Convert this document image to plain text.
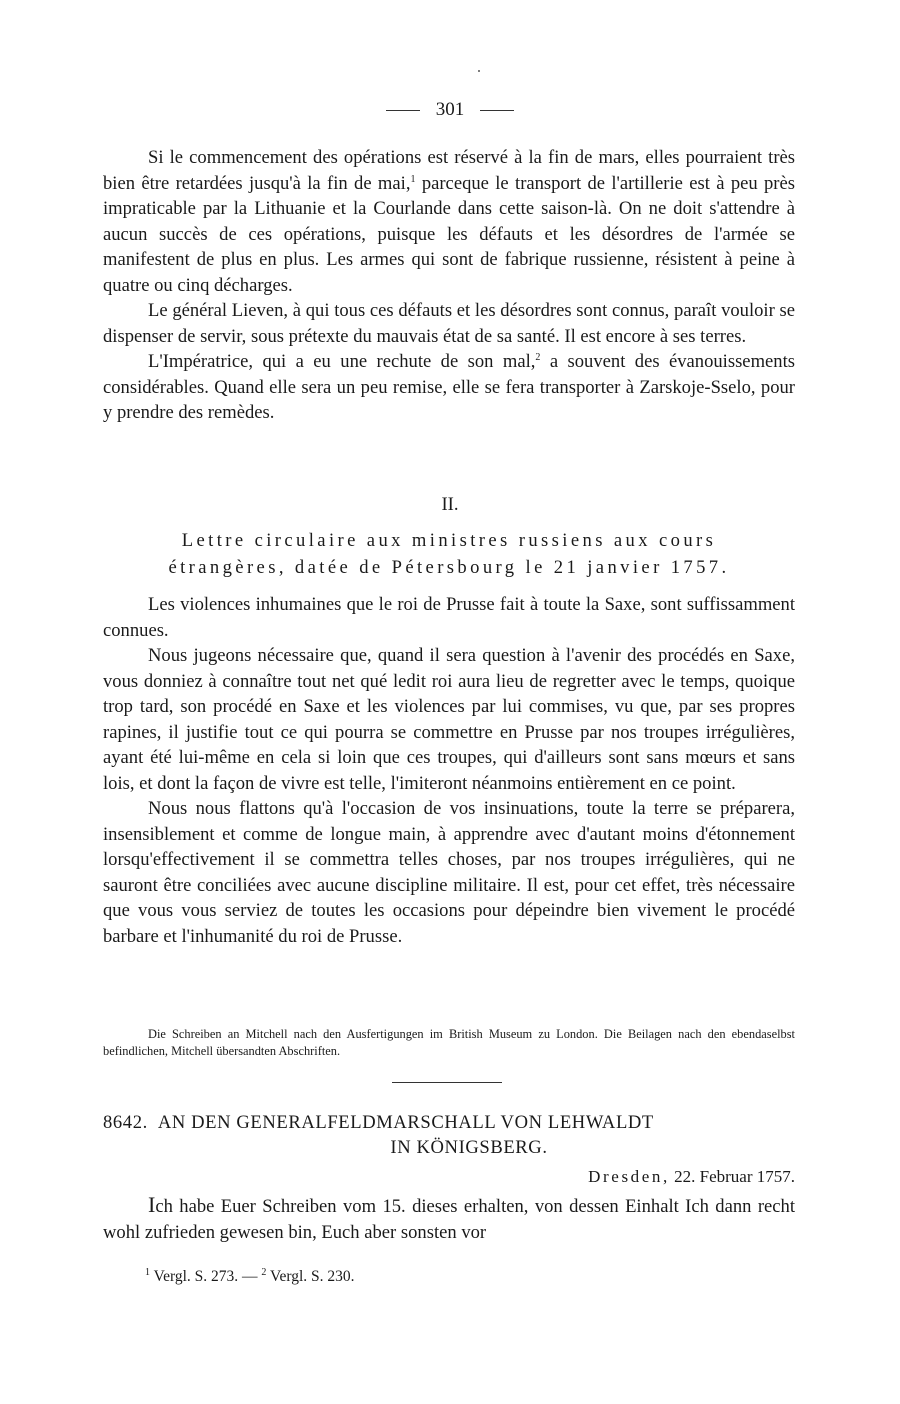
301

Si le commencement des opérations est réservé à la fin de mars, elles pourraient très bien être retardées jusqu'à la fin de mai,$^1$ parceque le transport de l'artillerie est à peu près impraticable par la Lithuanie et la Courlande dans cette saison-là. On ne doit s'attendre à aucun succès de ces opérations, puisque les défauts et les désordres de l'armée se manifestent de plus en plus. Les armes qui sont de fabrique russienne, résistent à peine à quatre ou cinq décharges.

Le général Lieven, à qui tous ces défauts et les désordres sont connus, paraît vouloir se dispenser de servir, sous prétexte du mauvais état de sa santé. Il est encore à ses terres.

L'Impératrice, qui a eu une rechute de son mal,$^2$ a souvent des évanouissements considérables. Quand elle sera un peu remise, elle se fera transporter à Zarskoje-Sselo, pour y prendre des remèdes.

II.
Lettre circulaire aux ministres russiens aux cours
étrangères, datée de Pétersbourg le 21 janvier 1757.

Les violences inhumaines que le roi de Prusse fait à toute la Saxe, sont suffissamment connues.

Nous jugeons nécessaire que, quand il sera question à l'avenir des procédés en Saxe, vous donniez à connaître tout net qué ledit roi aura lieu de regretter avec le temps, quoique trop tard, son procédé en Saxe et les violences par lui commises, vu que, par ses propres rapines, il justifie tout ce qui pourra se commettre en Prusse par nos troupes irrégulières, ayant été lui-même en cela si loin que ces troupes, qui d'ailleurs sont sans mœurs et sans lois, et dont la façon de vivre est telle, l'imiteront néanmoins entièrement en ce point.

Nous nous flattons qu'à l'occasion de vos insinuations, toute la terre se préparera, insensiblement et comme de longue main, à apprendre avec d'autant moins d'étonnement lorsqu'effectivement il se commettra telles choses, par nos troupes irrégulières, qui ne sauront être conciliées avec aucune discipline militaire. Il est, pour cet effet, très nécessaire que vous vous serviez de toutes les occasions pour dépeindre bien vivement le procédé barbare et l'inhumanité du roi de Prusse.

Die Schreiben an Mitchell nach den Ausfertigungen im British Museum zu London. Die Beilagen nach den ebendaselbst befindlichen, Mitchell übersandten Abschriften.
8642. AN DEN GENERALFELDMARSCHALL VON LEHWALDT
IN KÖNIGSBERG.
Dresden, 22. Februar 1757.

Ich habe Euer Schreiben vom 15. dieses erhalten, von dessen Einhalt Ich dann recht wohl zufrieden gewesen bin, Euch aber sonsten vor

$^1$ Vergl. S. 273. — $^2$ Vergl. S. 230.
